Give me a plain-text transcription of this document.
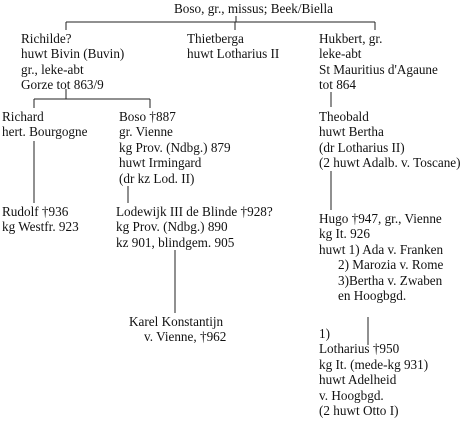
Boso, gr., missus; Beek/Biella
Richilde?
huwt Bivin (Buvin)
gr., leke-abt
Gorze tot 863/9
Thietberga
huwt Lotharius II
Hukbert, gr.
leke-abt
St Mauritius d'Agaune
tot 864
Richard
hert. Bourgogne
Boso †887
gr. Vienne
kg Prov. (Ndbg.) 879
huwt Irmingard
(dr kz Lod. II)
Theobald
huwt Bertha
(dr Lotharius II)
(2 huwt Adalb. v. Toscane)
Rudolf †936
kg Westfr. 923
Lodewijk III de Blinde †928?
kg Prov. (Ndbg.) 890
kz 901, blindgem. 905
Hugo †947, gr., Vienne
kg It. 926
huwt 1) Ada v. Franken
2) Marozia v. Rome
3)Bertha v. Zwaben
en Hoogbgd.
Karel Konstantijn
v. Vienne, †962	1)
Lotharius †950
kg It. (mede-kg 931)
huwt Adelheid
v. Hoogbgd.
(2 huwt Otto I)
